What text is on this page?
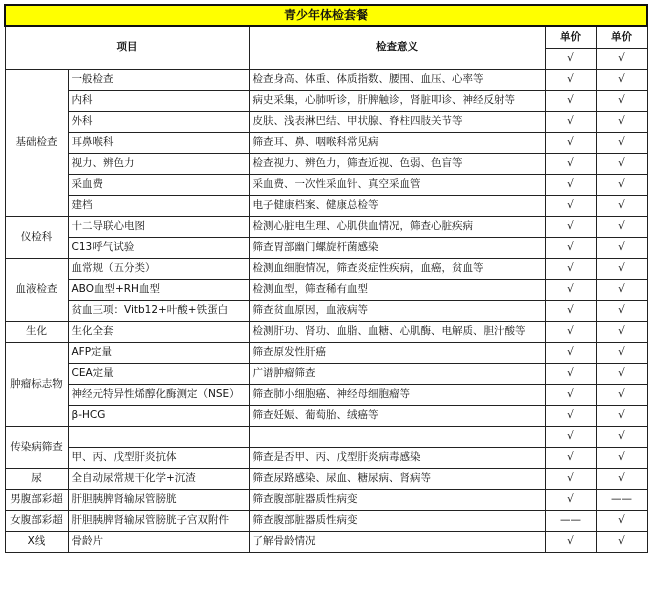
青少年体检套餐				
项目		检查意义	单价	单价
			√	√
基础检查	一般检查	检查身高、体重、体质指数、腰围、血压、心率等	√	√
	内科	病史采集，心肺听诊，肝脾触诊，肾脏叩诊、神经反射等	√	√
	外科	皮肤、浅表淋巴结、甲状腺、脊柱四肢关节等	√	√
	耳鼻喉科	筛查耳、鼻、咽喉科常见病	√	√
	视力、辨色力	检查视力、辨色力，筛查近视、色弱、色盲等	√	√
	采血费	采血费、一次性采血针、真空采血管	√	√
	建档	电子健康档案、健康总检等	√	√
仪检科	十二导联心电图	检测心脏电生理、心肌供血情况，筛查心脏疾病	√	√
	C13呼气试验	筛查胃部幽门螺旋杆菌感染	√	√
血液检查	血常规（五分类）	检测血细胞情况，筛查炎症性疾病，血癌，贫血等	√	√
	ABO血型+RH血型	检测血型，筛查稀有血型	√	√
	贫血三项：Vitb12+叶酸+铁蛋白	筛查贫血原因，血液病等	√	√
生化	生化全套	检测肝功、肾功、血脂、血糖、心肌酶、电解质、胆汁酸等	√	√
肿瘤标志物	AFP定量	筛查原发性肝癌	√	√
	CEA定量	广谱肿瘤筛查	√	√
	神经元特异性烯醇化酶测定（NSE）	筛查肺小细胞癌、神经母细胞瘤等	√	√
	β-HCG	筛查妊娠、葡萄胎、绒癌等	√	√
传染病筛查			√	√
	甲、丙、戊型肝炎抗体	筛查是否甲、丙、戊型肝炎病毒感染	√	√
尿	全自动尿常规干化学+沉渣	筛查尿路感染、尿血、糖尿病、肾病等	√	√
男腹部彩超	肝胆胰脾肾输尿管膀胱	筛查腹部脏器质性病变	√	——
女腹部彩超	肝胆胰脾肾输尿管膀胱子宫双附件	筛查腹部脏器质性病变	——	√
X线	骨龄片	了解骨龄情况	√	√
